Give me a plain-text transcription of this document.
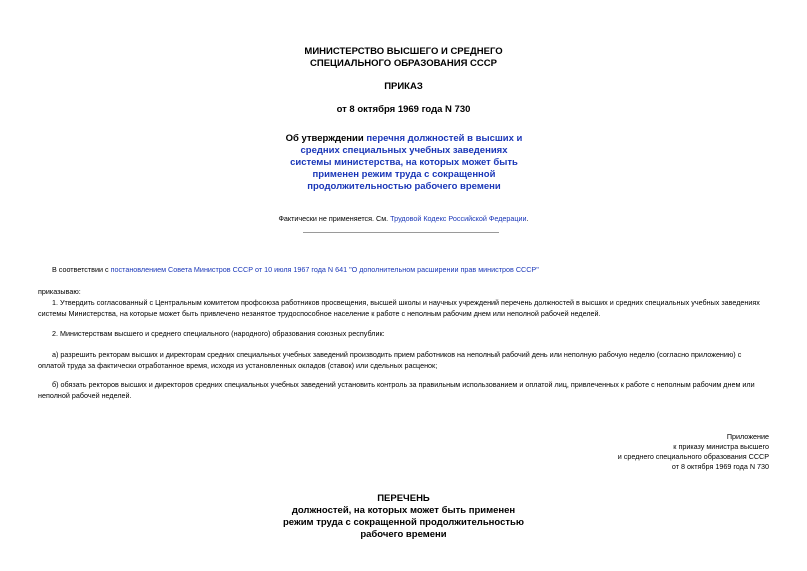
МИНИСТЕРСТВО ВЫСШЕГО И СРЕДНЕГО
СПЕЦИАЛЬНОГО ОБРАЗОВАНИЯ СССР
ПРИКАЗ
от 8 октября 1969 года N 730
Об утверждении перечня должностей в высших и средних специальных учебных заведениях системы министерства, на которых может быть применен режим труда с сокращенной продолжительностью рабочего времени
Фактически не применяется. См. Трудовой Кодекс Российской Федерации.
В соответствии с постановлением Совета Министров СССР от 10 июля 1967 года N 641 "О дополнительном расширении прав министров СССР"
приказываю:
1. Утвердить согласованный с Центральным комитетом профсоюза работников просвещения, высшей школы и научных учреждений перечень должностей в высших и средних специальных учебных заведениях системы Министерства, на которые может быть привлечено незанятое трудоспособное население к работе с неполным рабочим днем или неполной рабочей неделей.
2. Министерствам высшего и среднего специального (народного) образования союзных республик:
а) разрешить ректорам высших и директорам средних специальных учебных заведений производить прием работников на неполный рабочий день или неполную рабочую неделю (согласно приложению) с оплатой труда за фактически отработанное время, исходя из установленных окладов (ставок) или сдельных расценок;
б) обязать ректоров высших и директоров средних специальных учебных заведений установить контроль за правильным использованием и оплатой лиц, привлеченных к работе с неполным рабочим днем или неполной рабочей неделей.
Приложение
к приказу министра высшего
и среднего специального образования СССР
от 8 октября 1969 года N 730
ПЕРЕЧЕНЬ
должностей, на которых может быть применен
режим труда с сокращенной продолжительностью
рабочего времени
